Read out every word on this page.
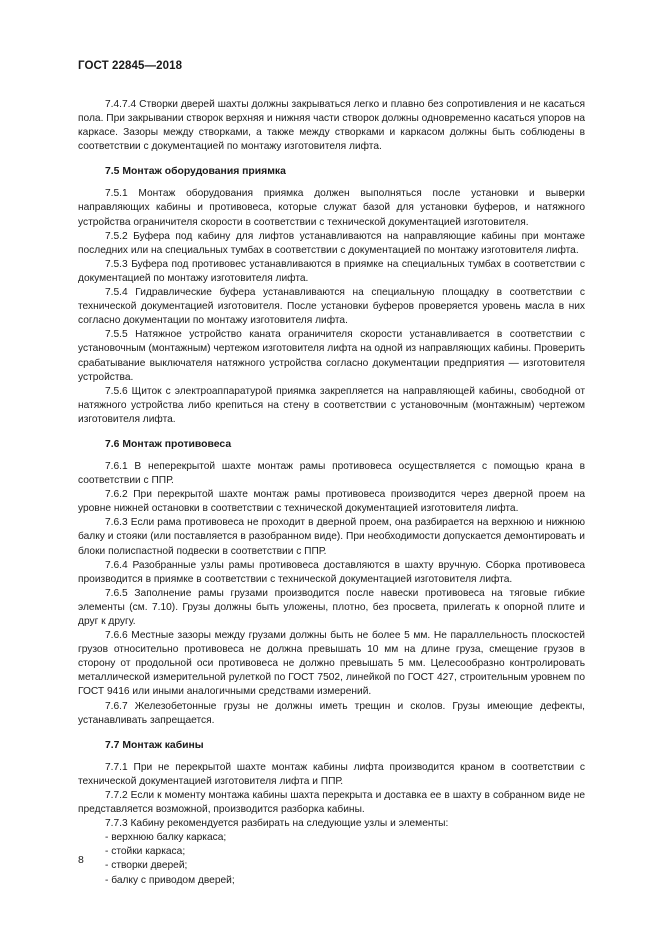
ГОСТ 22845—2018

7.4.7.4 Створки дверей шахты должны закрываться легко и плавно без сопротивления и не касаться пола. При закрывании створок верхняя и нижняя части створок должны одновременно касаться упоров на каркасе. Зазоры между створками, а также между створками и каркасом должны быть соблюдены в соответствии с документацией по монтажу изготовителя лифта.

7.5 Монтаж оборудования приямка

7.5.1 Монтаж оборудования приямка должен выполняться после установки и выверки направляющих кабины и противовеса, которые служат базой для установки буферов, и натяжного устройства ограничителя скорости в соответствии с технической документацией изготовителя.

7.5.2 Буфера под кабину для лифтов устанавливаются на направляющие кабины при монтаже последних или на специальных тумбах в соответствии с документацией по монтажу изготовителя лифта.

7.5.3 Буфера под противовес устанавливаются в приямке на специальных тумбах в соответствии с документацией по монтажу изготовителя лифта.

7.5.4 Гидравлические буфера устанавливаются на специальную площадку в соответствии с технической документацией изготовителя. После установки буферов проверяется уровень масла в них согласно документации по монтажу изготовителя лифта.

7.5.5 Натяжное устройство каната ограничителя скорости устанавливается в соответствии с установочным (монтажным) чертежом изготовителя лифта на одной из направляющих кабины. Проверить срабатывание выключателя натяжного устройства согласно документации предприятия — изготовителя устройства.

7.5.6 Щиток с электроаппаратурой приямка закрепляется на направляющей кабины, свободной от натяжного устройства либо крепиться на стену в соответствии с установочным (монтажным) чертежом изготовителя лифта.

7.6 Монтаж противовеса

7.6.1 В неперекрытой шахте монтаж рамы противовеса осуществляется с помощью крана в соответствии с ППР.

7.6.2 При перекрытой шахте монтаж рамы противовеса производится через дверной проем на уровне нижней остановки в соответствии с технической документацией изготовителя лифта.

7.6.3 Если рама противовеса не проходит в дверной проем, она разбирается на верхнюю и нижнюю балку и стояки (или поставляется в разобранном виде). При необходимости допускается демонтировать и блоки полиспастной подвески в соответствии с ППР.

7.6.4 Разобранные узлы рамы противовеса доставляются в шахту вручную. Сборка противовеса производится в приямке в соответствии с технической документацией изготовителя лифта.

7.6.5 Заполнение рамы грузами производится после навески противовеса на тяговые гибкие элементы (см. 7.10). Грузы должны быть уложены, плотно, без просвета, прилегать к опорной плите и друг к другу.

7.6.6 Местные зазоры между грузами должны быть не более 5 мм. Не параллельность плоскостей грузов относительно противовеса не должна превышать 10 мм на длине груза, смещение грузов в сторону от продольной оси противовеса не должно превышать 5 мм. Целесообразно контролировать металлической измерительной рулеткой по ГОСТ 7502, линейкой по ГОСТ 427, строительным уровнем по ГОСТ 9416 или иными аналогичными средствами измерений.

7.6.7 Железобетонные грузы не должны иметь трещин и сколов. Грузы имеющие дефекты, устанавливать запрещается.

7.7 Монтаж кабины

7.7.1 При не перекрытой шахте монтаж кабины лифта производится краном в соответствии с технической документацией изготовителя лифта и ППР.

7.7.2 Если к моменту монтажа кабины шахта перекрыта и доставка ее в шахту в собранном виде не представляется возможной, производится разборка кабины.

7.7.3 Кабину рекомендуется разбирать на следующие узлы и элементы:

- верхнюю балку каркаса;
- стойки каркаса;
- створки дверей;
- балку с приводом дверей;
8
